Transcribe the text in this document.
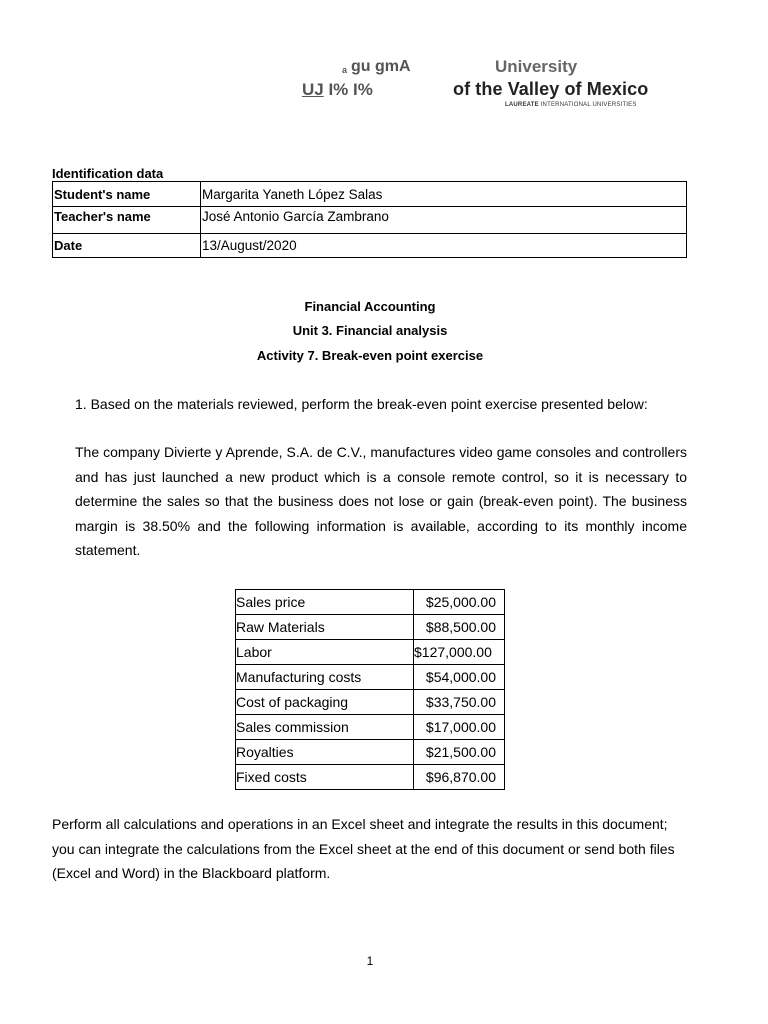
a gu gmA
UJ I% I%
University
of the Valley of Mexico
LAUREATE INTERNATIONAL UNIVERSITIES
Identification data
Student's name	Margarita Yaneth López Salas
Teacher's name	José Antonio García Zambrano
Date	13/August/2020
Financial Accounting
Unit 3. Financial analysis
Activity 7. Break-even point exercise
1. Based on the materials reviewed, perform the break-even point exercise presented below:
The company Divierte y Aprende, S.A. de C.V., manufactures video game consoles and controllers and has just launched a new product which is a console remote control, so it is necessary to determine the sales so that the business does not lose or gain (break-even point). The business margin is 38.50% and the following information is available, according to its monthly income statement.
Sales price	$25,000.00
Raw Materials	$88,500.00
Labor	$127,000.00
Manufacturing costs	$54,000.00
Cost of packaging	$33,750.00
Sales commission	$17,000.00
Royalties	$21,500.00
Fixed costs	$96,870.00
Perform all calculations and operations in an Excel sheet and integrate the results in this document; you can integrate the calculations from the Excel sheet at the end of this document or send both files (Excel and Word) in the Blackboard platform.
1
